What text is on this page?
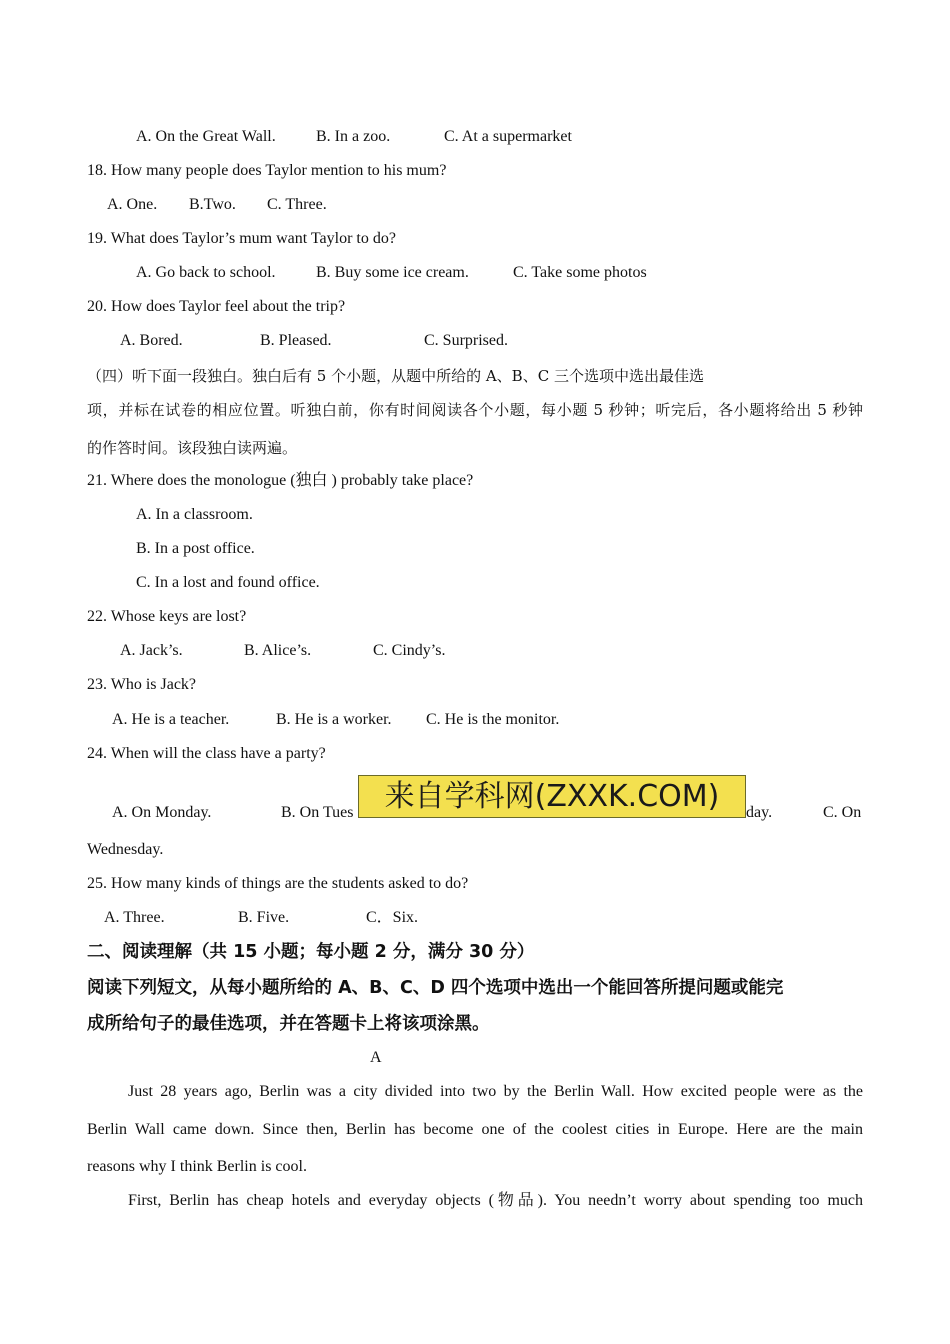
A. On the Great Wall.	B. In a zoo.	C. At a supermarket
18. How many people does Taylor mention to his mum?
A. One. B.Two. C. Three.
19. What does Taylor’s mum want Taylor to do?
A. Go back to school.	B. Buy some ice cream.	C. Take some photos
20. How does Taylor feel about the trip?
A. Bored.	B. Pleased.	C. Surprised.
（四）听下面一段独白。独白后有 5 个小题，从题中所给的 A、B、C 三个选项中选出最佳选
项，并标在试卷的相应位置。听独白前，你有时间阅读各个小题，每小题 5 秒钟；听完后，各小题将给出 5 秒钟
的作答时间。该段独白读两遍。
21. Where does the monologue (独白 ) probably take place?
A. In a classroom.
B. In a post office.
C. In a lost and found office.
22. Whose keys are lost?
A. Jack’s.	B. Alice’s.	C. Cindy’s.
23. Who is Jack?
A. He is a teacher.	B. He is a worker. C. He is the monitor.
24. When will the class have a party?
A. On Monday.	B. On Tues	day.	C. On
Wednesday.
来自学科网(ZXXK.COM)
25. How many kinds of things are the students asked to do?
A. Three.	B. Five.	C．Six.
二、阅读理解（共 15 小题；每小题 2 分，满分 30 分）
阅读下列短文，从每小题所给的 A、B、C、D 四个选项中选出一个能回答所提问题或能完
成所给句子的最佳选项，并在答题卡上将该项涂黑。
A
Just 28 years ago, Berlin was a city divided into two by the Berlin Wall. How excited people were as the
Berlin Wall came down. Since then, Berlin has become one of the coolest cities in Europe. Here are the main
reasons why I think Berlin is cool.
First, Berlin has cheap hotels and everyday objects (物品). You needn’t worry about spending too much
